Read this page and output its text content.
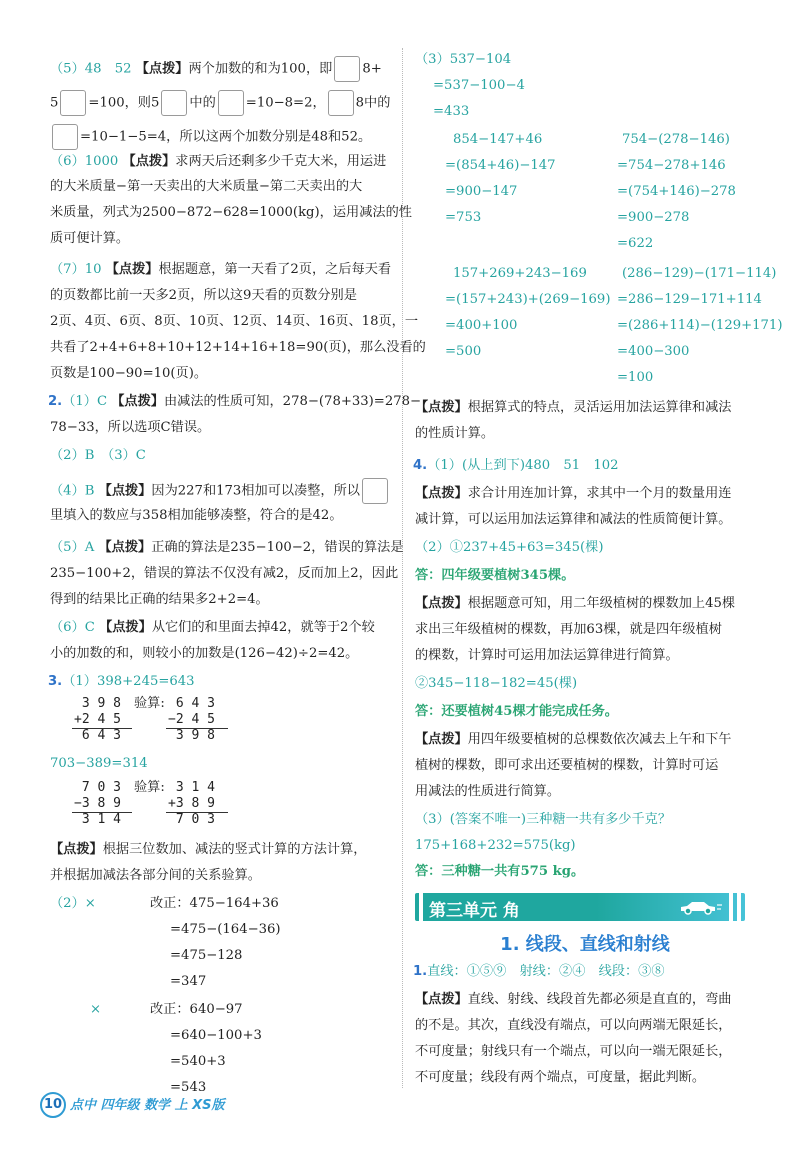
（5）48　52 【点拨】两个加数的和为100，即 8+
5 =100，则5 中的 =10−8=2， 8中的
=10−1−5=4，所以这两个加数分别是48和52。
（6）1000 【点拨】求两天后还剩多少千克大米，用运进
的大米质量−第一天卖出的大米质量−第二天卖出的大
米质量，列式为2500−872−628=1000(kg)，运用减法的性
质可便计算。
（7）10 【点拨】根据题意，第一天看了2页，之后每天看
的页数都比前一天多2页，所以这9天看的页数分别是
2页、4页、6页、8页、10页、12页、14页、16页、18页，一
共看了2+4+6+8+10+12+14+16+18=90(页)，那么没看的
页数是100−90=10(页)。
2.（1）C 【点拨】由减法的性质可知，278−(78+33)=278−
78−33，所以选项C错误。
（2）B　（3）C
（4）B 【点拨】因为227和173相加可以凑整，所以
里填入的数应与358相加能够凑整，符合的是42。
（5）A 【点拨】正确的算法是235−100−2，错误的算法是
235−100+2，错误的算法不仅没有减2，反而加上2，因此
得到的结果比正确的结果多2+2=4。
（6）C 【点拨】从它们的和里面去掉42，就等于2个较
小的加数的和，则较小的加数是(126−42)÷2=42。
3.（1）398+245=643
3 9 8
+2 4 5
6 4 3
验算: 6 4 3
−2 4 5
3 9 8
703−389=314
7 0 3
−3 8 9
3 1 4
验算: 3 1 4
+3 8 9
7 0 3
【点拨】根据三位数加、减法的竖式计算的方法计算，
并根据加减法各部分间的关系验算。
（2）×	改正：475−164+36
=475−(164−36)
=475−128
=347
×	改正：640−97
=640−100+3
=540+3
=543
（3）537−104
=537−100−4
=433
854−147+46
=(854+46)−147
=900−147
=753
754−(278−146)
=754−278+146
=(754+146)−278
=900−278
=622
157+269+243−169
=(157+243)+(269−169)
=400+100
=500
(286−129)−(171−114)
=286−129−171+114
=(286+114)−(129+171)
=400−300
=100
【点拨】根据算式的特点，灵活运用加法运算律和减法
的性质计算。
4.（1）(从上到下)480　51　102
【点拨】求合计用连加计算，求其中一个月的数量用连
减计算，可以运用加法运算律和减法的性质简便计算。
（2）①237+45+63=345(棵)
答：四年级要植树345棵。
【点拨】根据题意可知，用二年级植树的棵数加上45棵
求出三年级植树的棵数，再加63棵，就是四年级植树
的棵数，计算时可运用加法运算律进行简算。
②345−118−182=45(棵)
答：还要植树45棵才能完成任务。
【点拨】用四年级要植树的总棵数依次减去上午和下午
植树的棵数，即可求出还要植树的棵数，计算时可运
用减法的性质进行简算。
（3）(答案不唯一)三种糖一共有多少千克？
175+168+232=575(kg)
答：三种糖一共有575 kg。
1.直线：①⑤⑨　射线：②④　线段：③⑧
【点拨】直线、射线、线段首先都必须是直直的，弯曲
的不是。其次，直线没有端点，可以向两端无限延长，
不可度量；射线只有一个端点，可以向一端无限延长，
不可度量；线段有两个端点，可度量，据此判断。
第三单元 角
1. 线段、直线和射线
10 点中 四年级 数学 上 XS版
